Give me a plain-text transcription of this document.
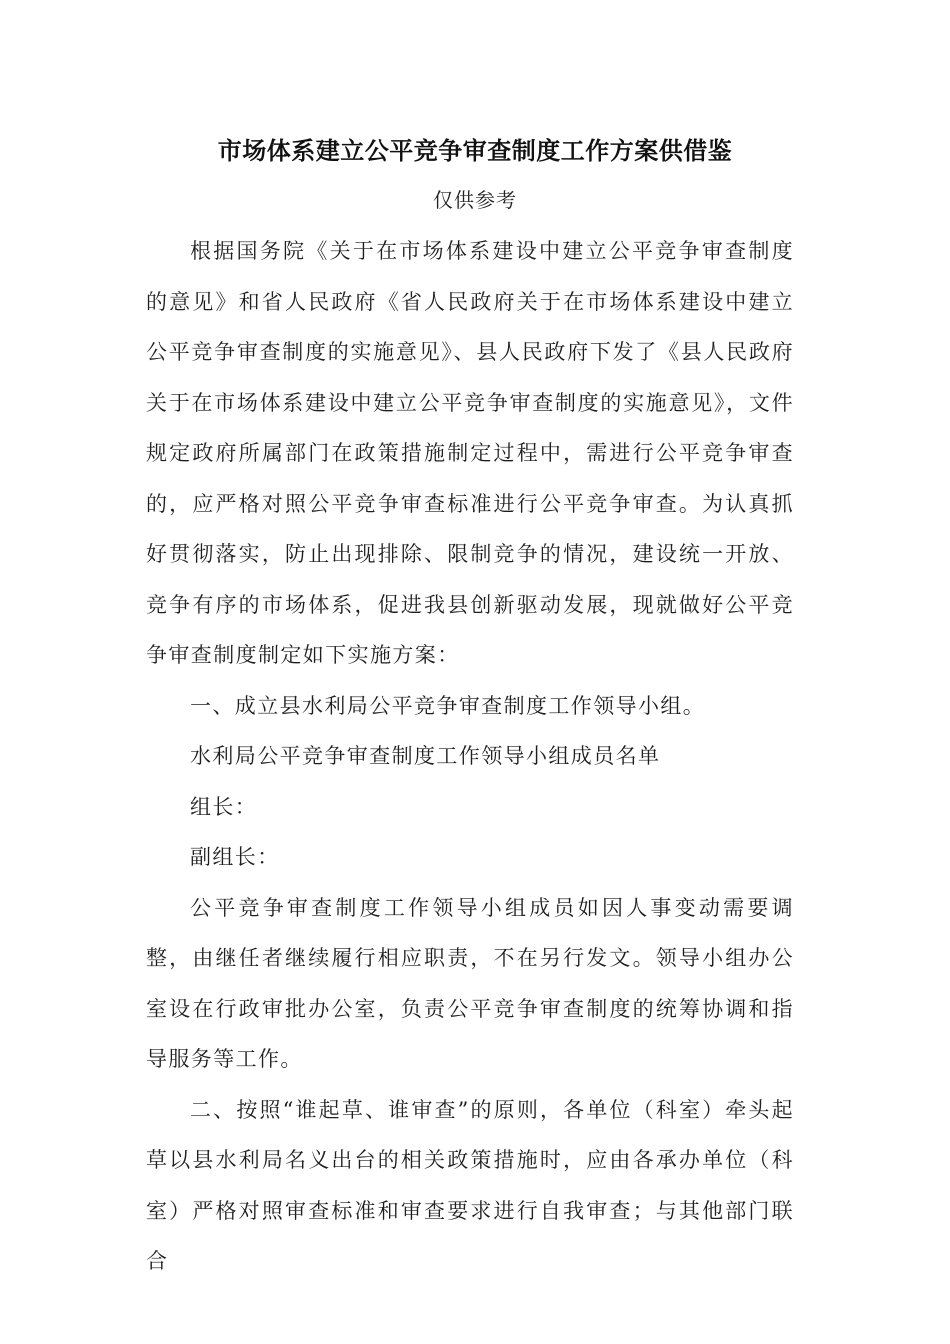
市场体系建立公平竞争审查制度工作方案供借鉴
仅供参考

根据国务院《关于在市场体系建设中建立公平竞争审查制度的意见》和省人民政府《省人民政府关于在市场体系建设中建立公平竞争审查制度的实施意见》、县人民政府下发了《县人民政府关于在市场体系建设中建立公平竞争审查制度的实施意见》，文件规定政府所属部门在政策措施制定过程中，需进行公平竞争审查的，应严格对照公平竞争审查标准进行公平竞争审查。为认真抓好贯彻落实，防止出现排除、限制竞争的情况，建设统一开放、竞争有序的市场体系，促进我县创新驱动发展，现就做好公平竞争审查制度制定如下实施方案：

一、成立县水利局公平竞争审查制度工作领导小组。

水利局公平竞争审查制度工作领导小组成员名单

组长：

副组长：

公平竞争审查制度工作领导小组成员如因人事变动需要调整，由继任者继续履行相应职责，不在另行发文。领导小组办公室设在行政审批办公室，负责公平竞争审查制度的统筹协调和指导服务等工作。

二、按照“谁起草、谁审查”的原则，各单位（科室）牵头起草以县水利局名义出台的相关政策措施时，应由各承办单位（科室）严格对照审查标准和审查要求进行自我审查；与其他部门联合
